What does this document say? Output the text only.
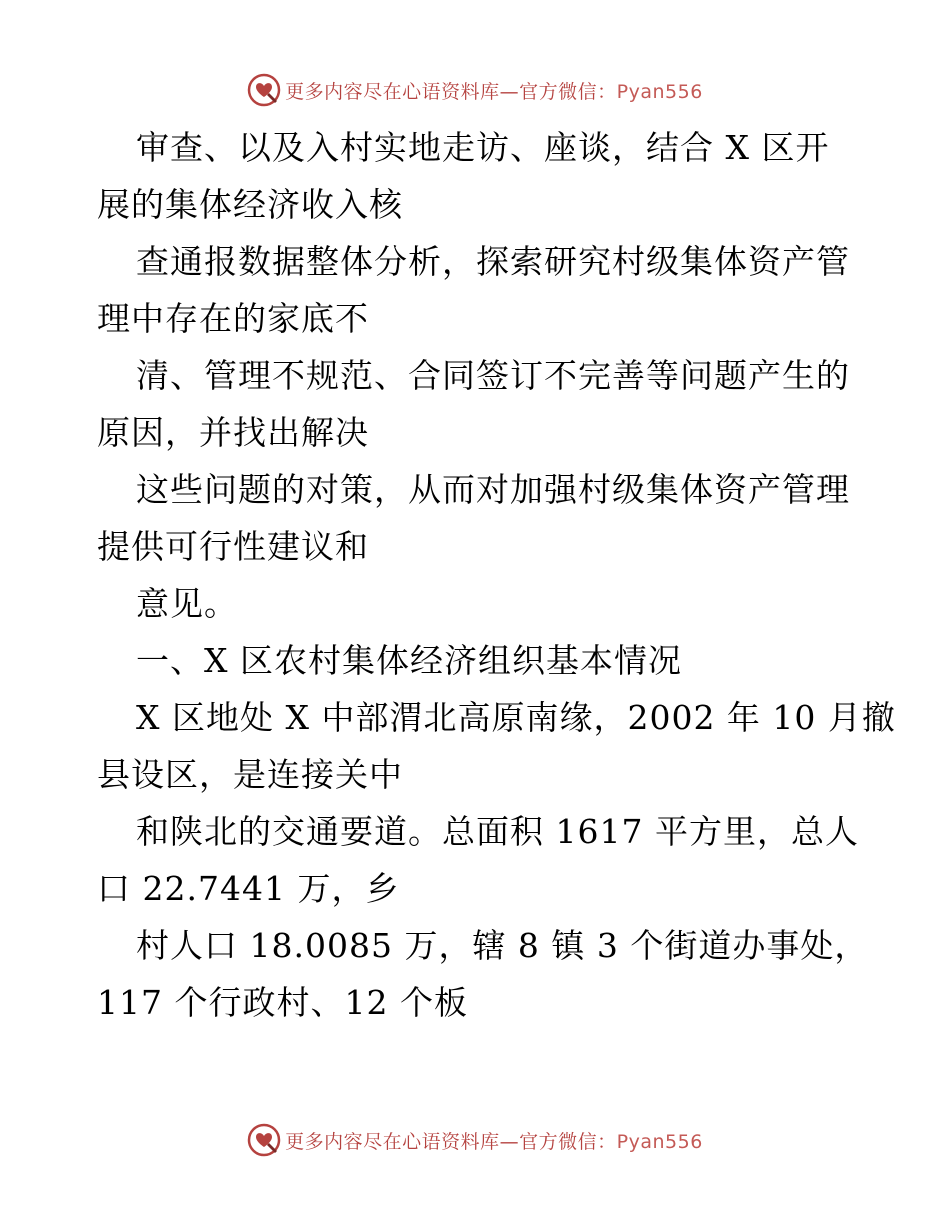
更多内容尽在心语资料库—官方微信：Pyan556
审查、以及入村实地走访、座谈，结合 X 区开
展的集体经济收入核
查通报数据整体分析，探索研究村级集体资产管
理中存在的家底不
清、管理不规范、合同签订不完善等问题产生的
原因，并找出解决
这些问题的对策，从而对加强村级集体资产管理
提供可行性建议和
意见。
一、X 区农村集体经济组织基本情况
X 区地处 X 中部渭北高原南缘，2002 年 10 月撤
县设区，是连接关中
和陕北的交通要道。总面积 1617 平方里，总人
口 22.7441 万，乡
村人口 18.0085 万，辖 8 镇 3 个街道办事处，
117 个行政村、12 个板
更多内容尽在心语资料库—官方微信：Pyan556
